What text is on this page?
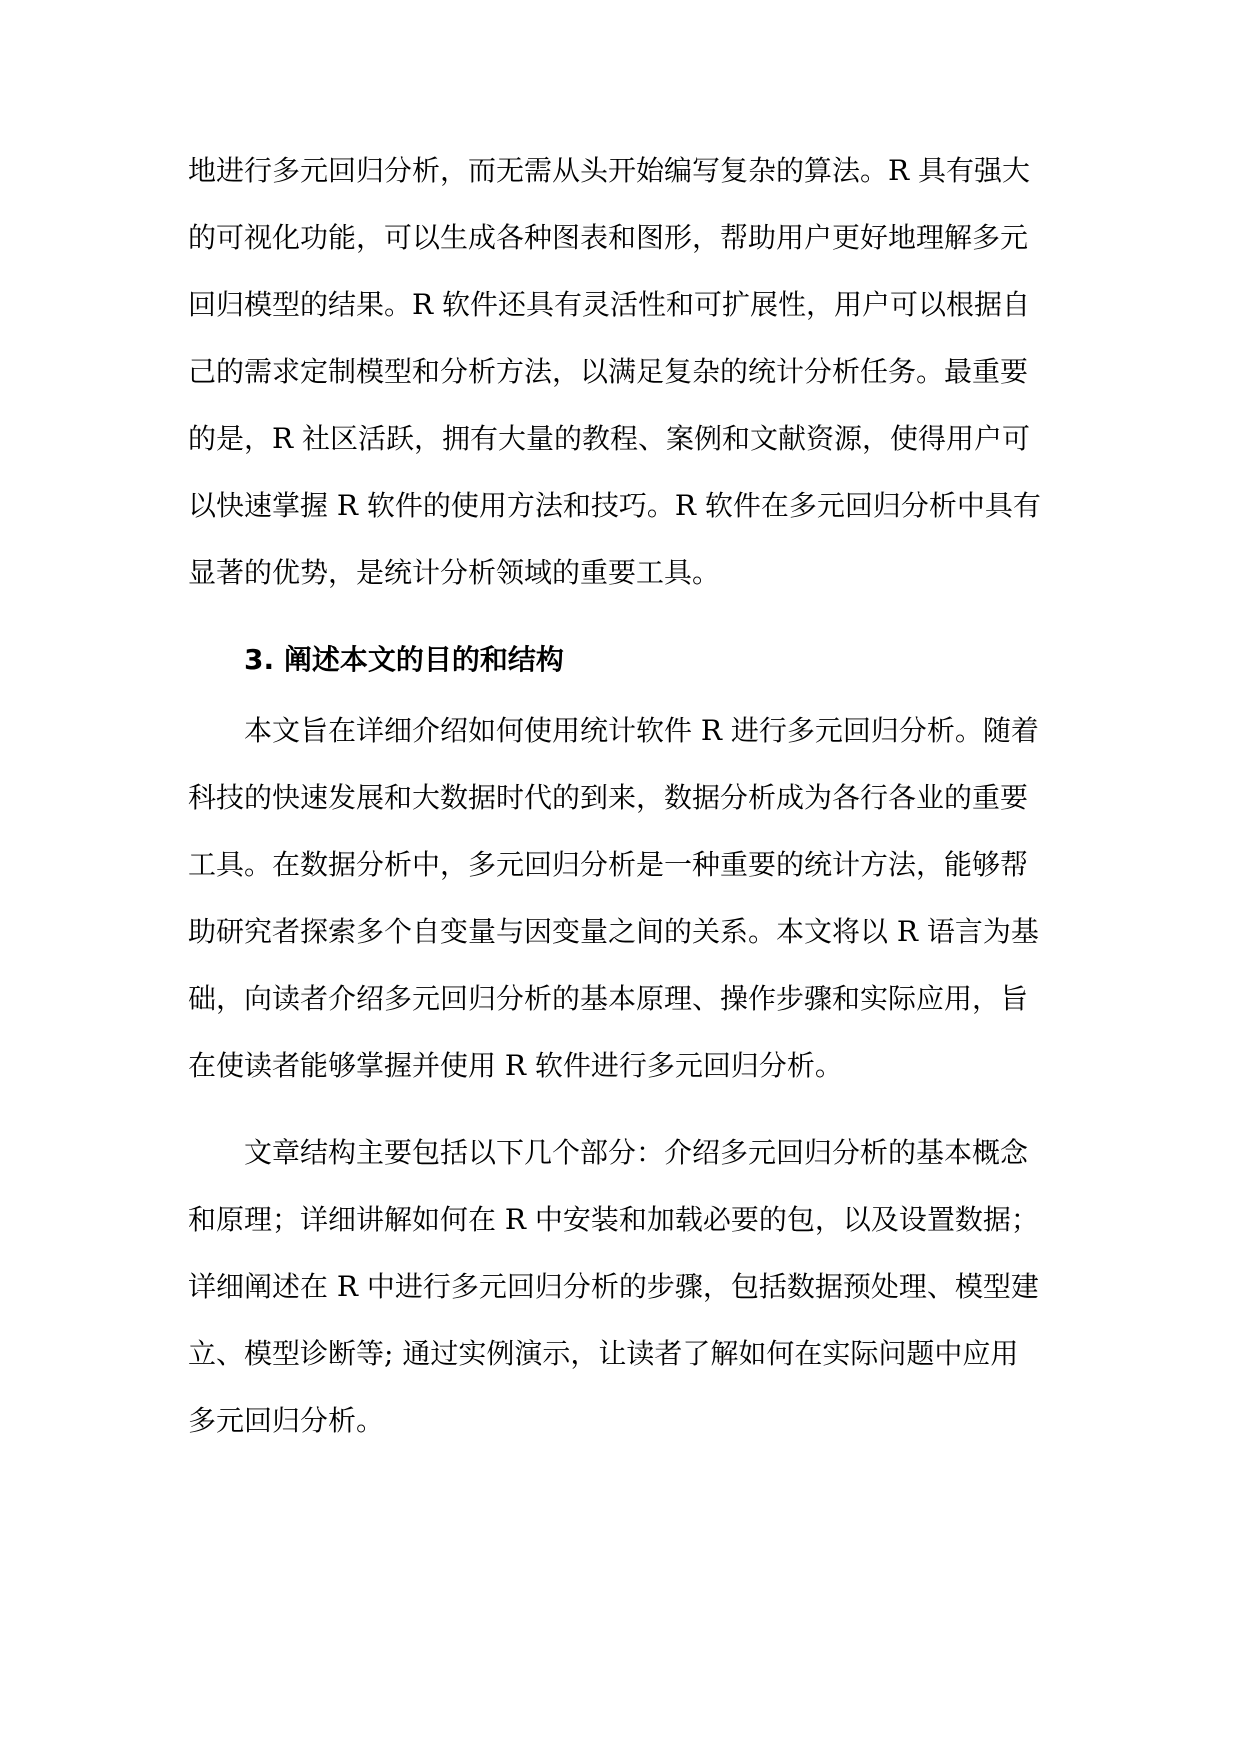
地进行多元回归分析，而无需从头开始编写复杂的算法。R 具有强大
的可视化功能，可以生成各种图表和图形，帮助用户更好地理解多元
回归模型的结果。R 软件还具有灵活性和可扩展性，用户可以根据自
己的需求定制模型和分析方法，以满足复杂的统计分析任务。最重要
的是，R 社区活跃，拥有大量的教程、案例和文献资源，使得用户可
以快速掌握 R 软件的使用方法和技巧。R 软件在多元回归分析中具有
显著的优势，是统计分析领域的重要工具。
3. 阐述本文的目的和结构
本文旨在详细介绍如何使用统计软件 R 进行多元回归分析。随着
科技的快速发展和大数据时代的到来，数据分析成为各行各业的重要
工具。在数据分析中，多元回归分析是一种重要的统计方法，能够帮
助研究者探索多个自变量与因变量之间的关系。本文将以 R 语言为基
础，向读者介绍多元回归分析的基本原理、操作步骤和实际应用，旨
在使读者能够掌握并使用 R 软件进行多元回归分析。
文章结构主要包括以下几个部分：介绍多元回归分析的基本概念
和原理；详细讲解如何在 R 中安装和加载必要的包，以及设置数据；
详细阐述在 R 中进行多元回归分析的步骤，包括数据预处理、模型建
立、模型诊断等; 通过实例演示，让读者了解如何在实际问题中应用
多元回归分析。
